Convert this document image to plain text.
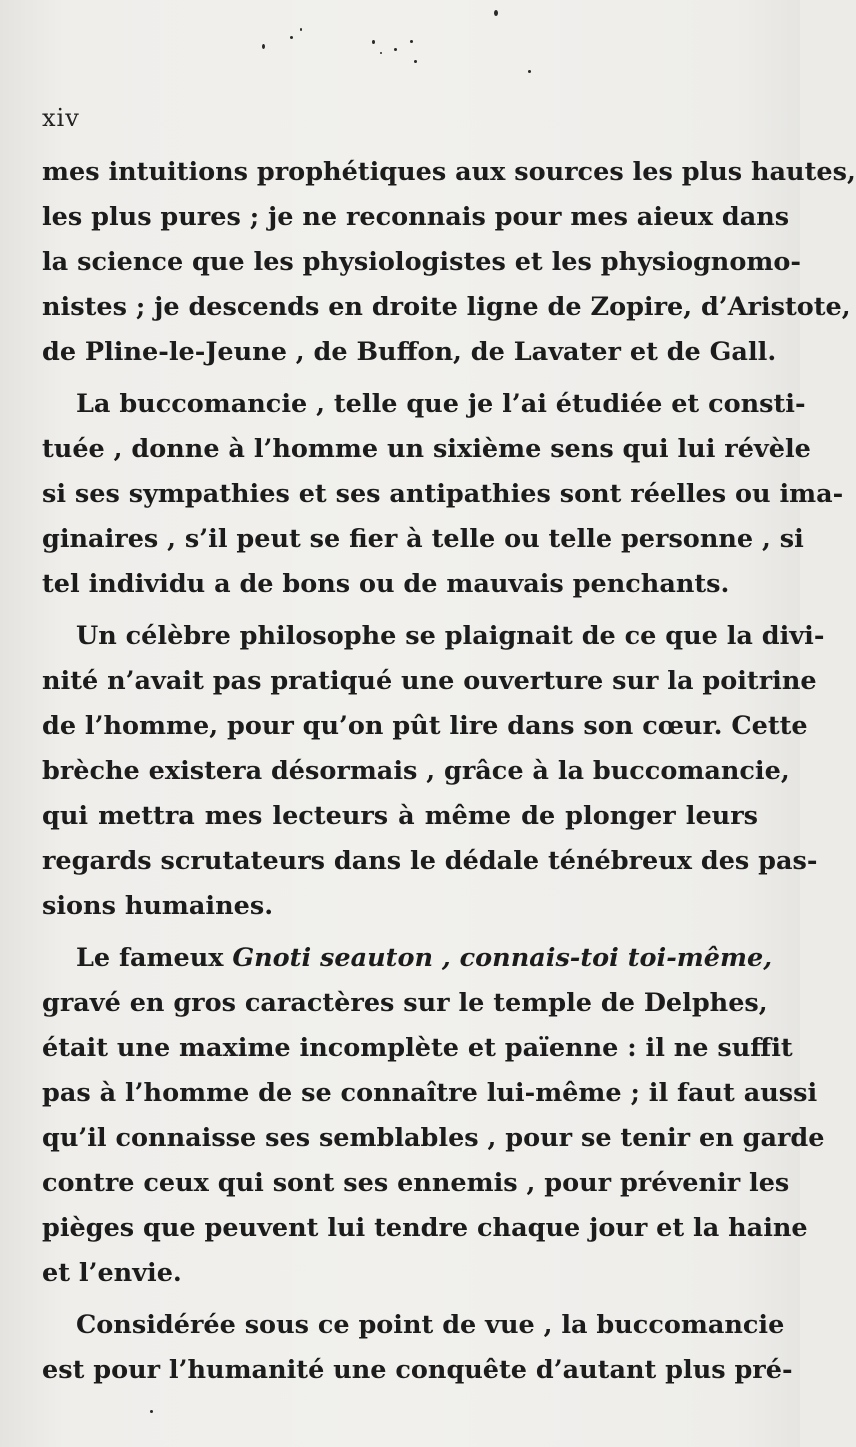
xiv

mes intuitions prophétiques aux sources les plus hautes,
les plus pures ; je ne reconnais pour mes aieux dans
la science que les physiologistes et les physiognomo-
nistes ; je descends en droite ligne de Zopire, d’Aristote,
de Pline-le-Jeune , de Buffon, de Lavater et de Gall.

La buccomancie , telle que je l’ai étudiée et consti-
tuée , donne à l’homme un sixième sens qui lui révèle
si ses sympathies et ses antipathies sont réelles ou ima-
ginaires , s’il peut se fier à telle ou telle personne , si
tel individu a de bons ou de mauvais penchants.

Un célèbre philosophe se plaignait de ce que la divi-
nité n’avait pas pratiqué une ouverture sur la poitrine
de l’homme, pour qu’on pût lire dans son cœur. Cette
brèche existera désormais , grâce à la buccomancie,
qui mettra mes lecteurs à même de plonger leurs
regards scrutateurs dans le dédale ténébreux des pas-
sions humaines.

Le fameux Gnoti seauton , connais-toi toi-même,
gravé en gros caractères sur le temple de Delphes,
était une maxime incomplète et païenne : il ne suffit
pas à l’homme de se connaître lui-même ; il faut aussi
qu’il connaisse ses semblables , pour se tenir en garde
contre ceux qui sont ses ennemis , pour prévenir les
pièges que peuvent lui tendre chaque jour et la haine
et l’envie.

Considérée sous ce point de vue , la buccomancie
est pour l’humanité une conquête d’autant plus pré-
